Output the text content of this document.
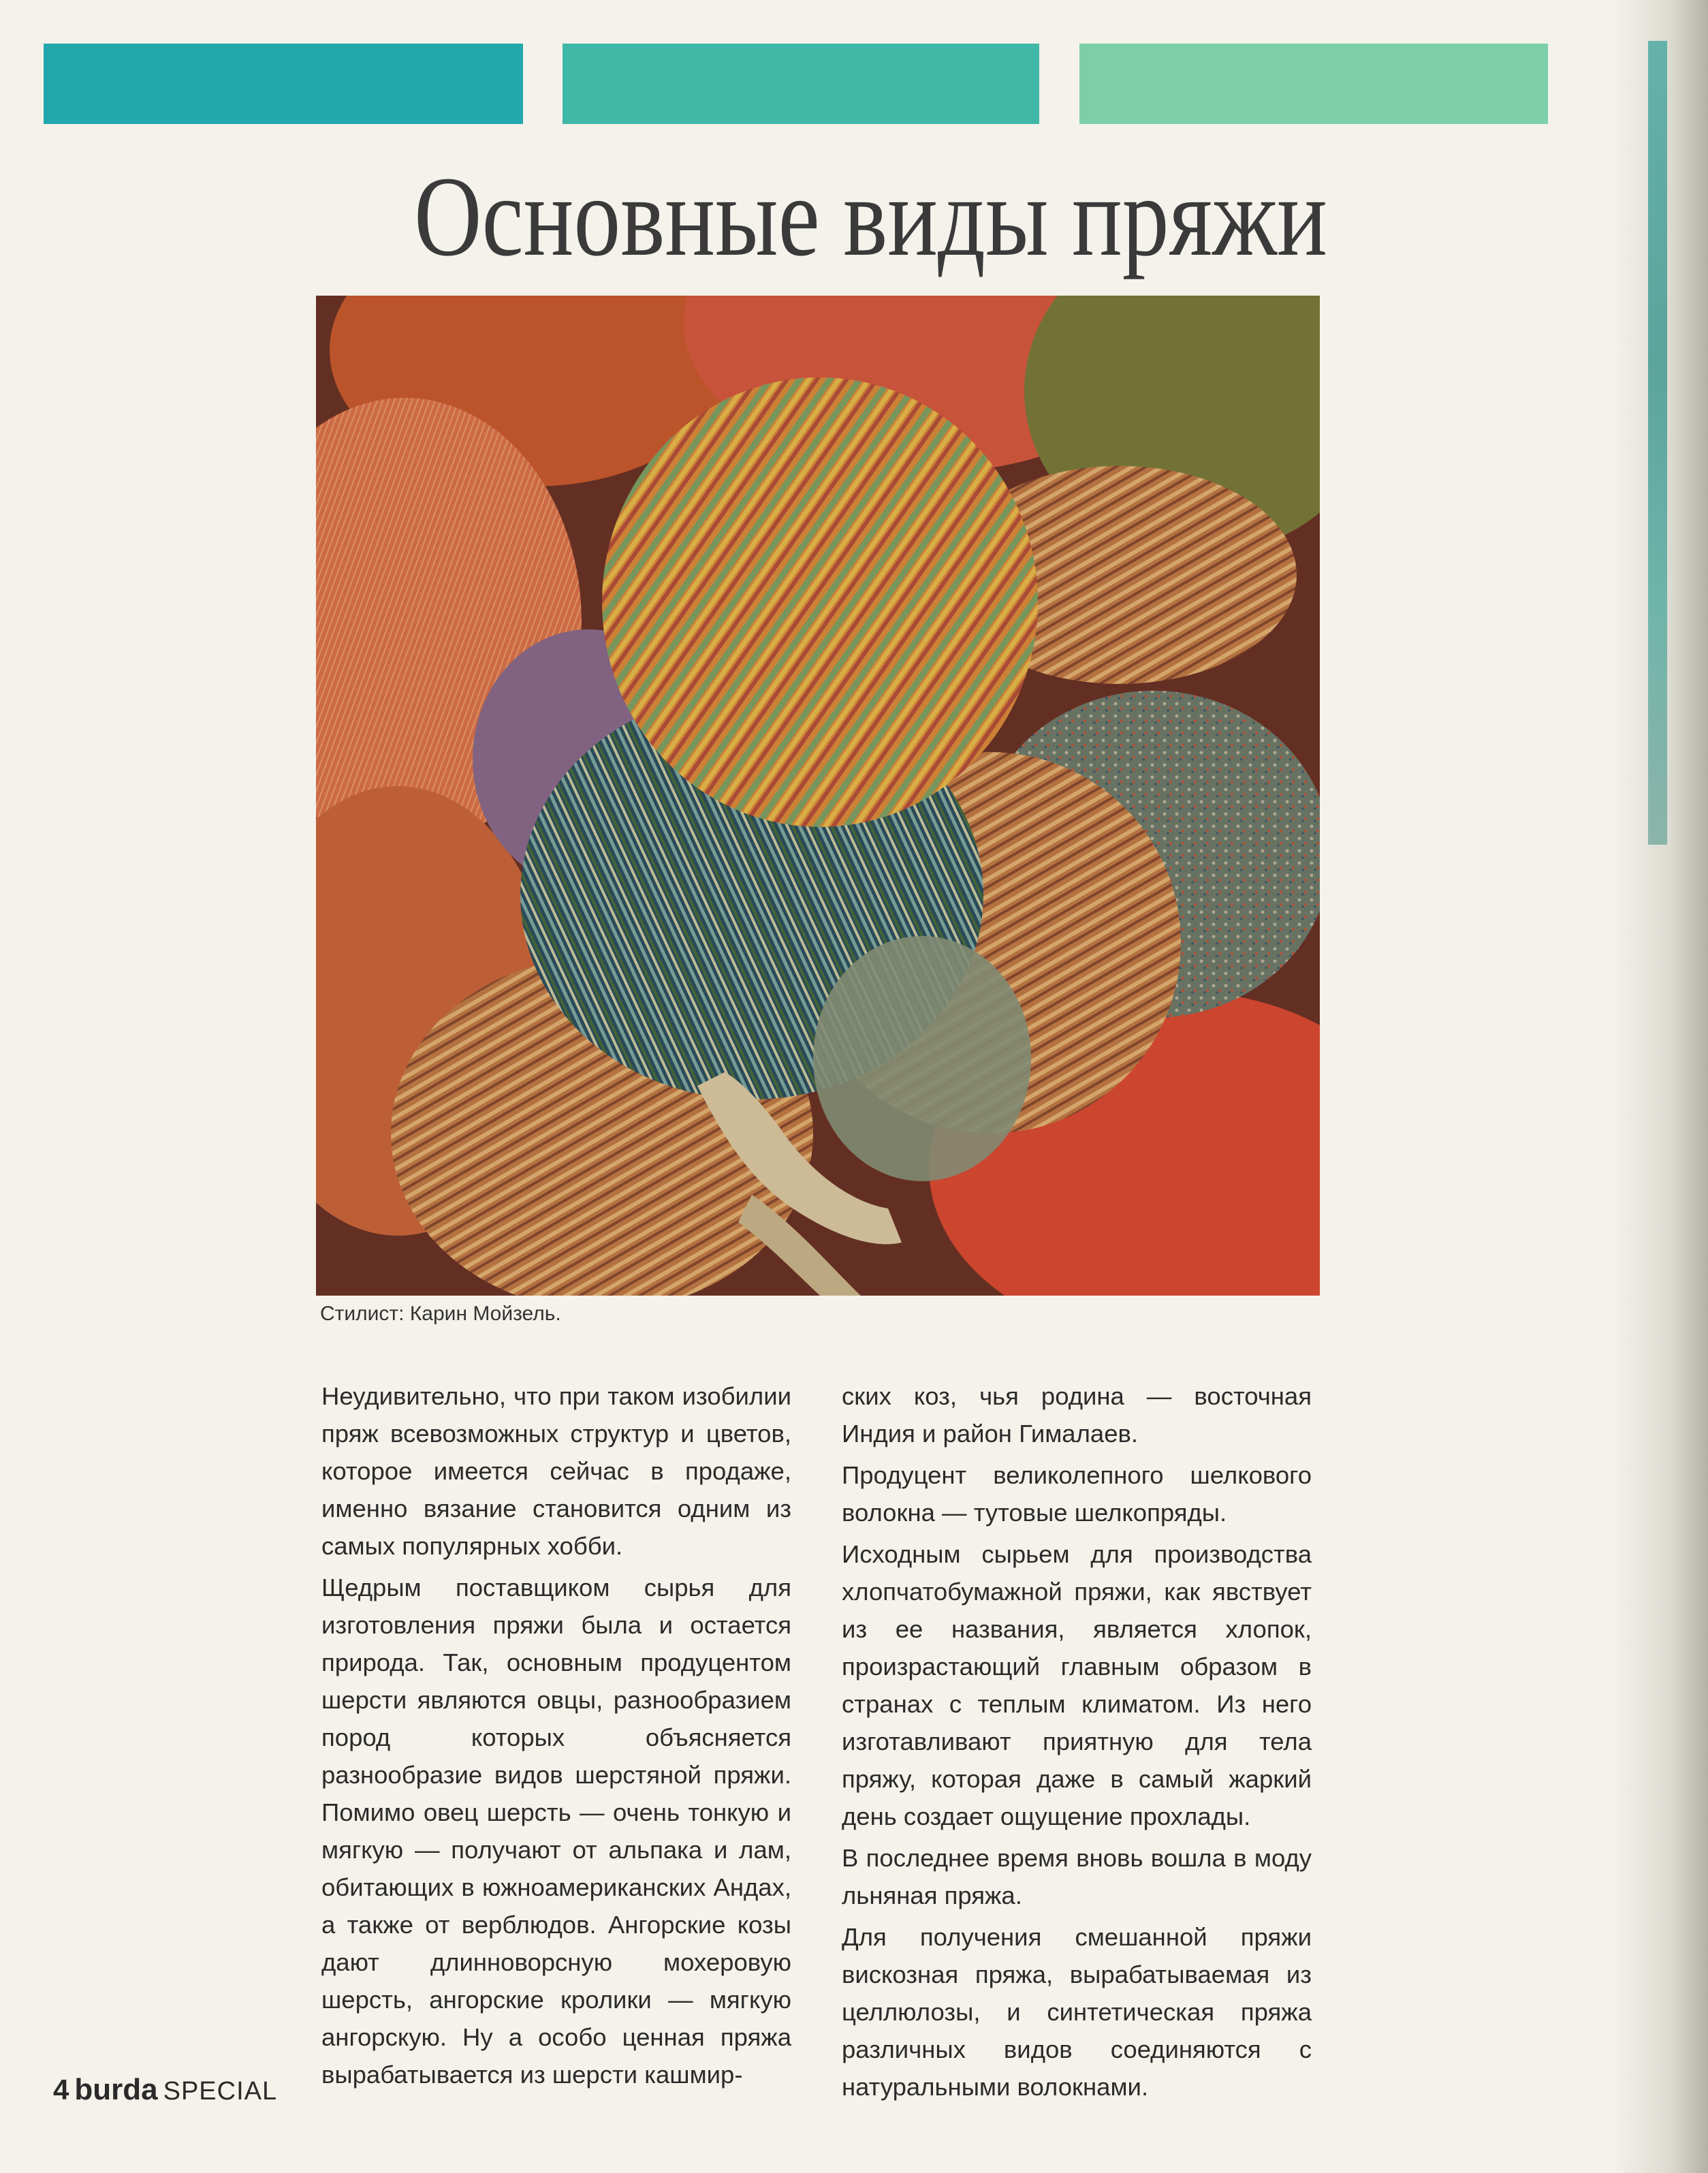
Основные виды пряжи

Стилист: Карин Мойзель.

Неудивительно, что при таком изобилии пряж всевозможных структур и цветов, которое имеется сейчас в продаже, именно вязание становится одним из самых популярных хобби.

Щедрым поставщиком сырья для изготовления пряжи была и остается природа. Так, основным продуцентом шерсти являются овцы, разнообразием пород которых объясняется разнообразие видов шерстяной пряжи. Помимо овец шерсть — очень тонкую и мягкую — получают от альпака и лам, обитающих в южноамериканских Андах, а также от верблюдов. Ангорские козы дают длинноворсную мохеровую шерсть, ангорские кролики — мягкую ангорскую. Ну а особо ценная пряжа вырабатывается из шерсти кашмир-

ских коз, чья родина — восточная Индия и район Гималаев.

Продуцент великолепного шелкового волокна — тутовые шелкопряды.

Исходным сырьем для производства хлопчатобумажной пряжи, как явствует из ее названия, является хлопок, произрастающий главным образом в странах с теплым климатом. Из него изготавливают приятную для тела пряжу, которая даже в самый жаркий день создает ощущение прохлады.

В последнее время вновь вошла в моду льняная пряжа.

Для получения смешанной пряжи вискозная пряжа, вырабатываемая из целлюлозы, и синтетическая пряжа различных видов соединяются с натуральными волокнами.

4 burda SPECIAL
